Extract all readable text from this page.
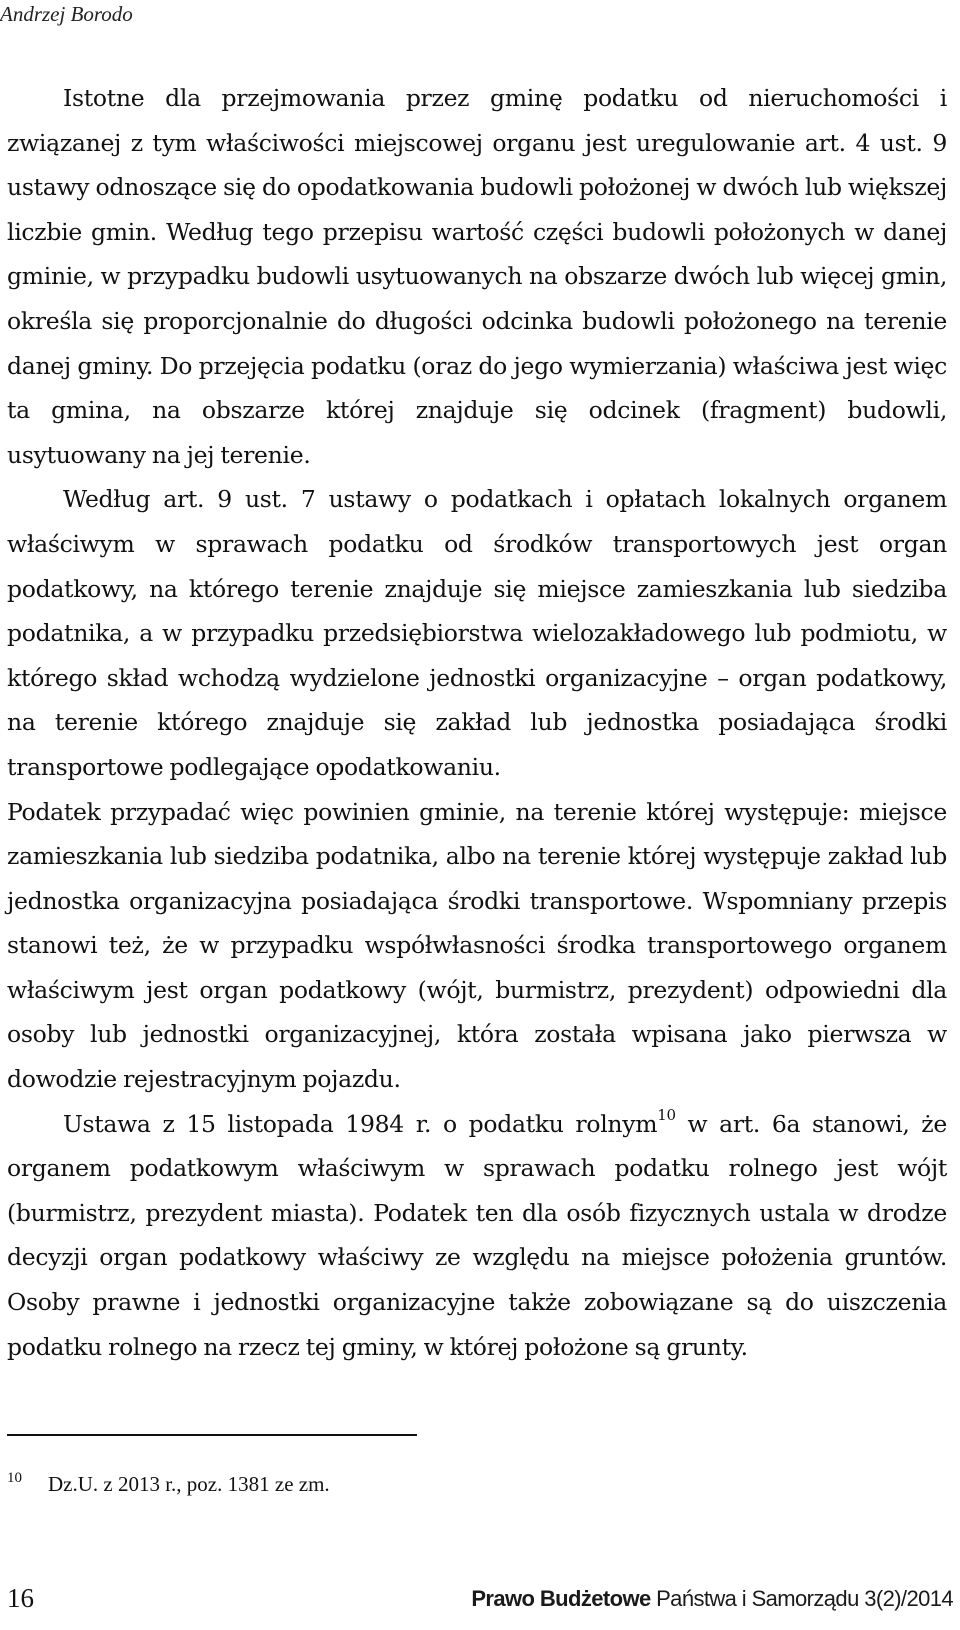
Andrzej Borodo

Istotne dla przejmowania przez gminę podatku od nieruchomości i związanej z tym właściwości miejscowej organu jest uregulowanie art. 4 ust. 9 ustawy odnoszące się do opodatkowania budowli położonej w dwóch lub większej liczbie gmin. Według tego przepisu wartość części budowli położonych w danej gminie, w przypadku budowli usytuowanych na obszarze dwóch lub więcej gmin, określa się proporcjonalnie do długości odcinka budowli położonego na terenie danej gminy. Do przejęcia podatku (oraz do jego wymierzania) właściwa jest więc ta gmina, na obszarze której znajduje się odcinek (fragment) budowli, usytuowany na jej terenie.

Według art. 9 ust. 7 ustawy o podatkach i opłatach lokalnych organem właściwym w sprawach podatku od środków transportowych jest organ podatkowy, na którego terenie znajduje się miejsce zamieszkania lub siedziba podatnika, a w przypadku przedsiębiorstwa wielozakładowego lub podmiotu, w którego skład wchodzą wydzielone jednostki organizacyjne – organ podatkowy, na terenie którego znajduje się zakład lub jednostka posiadająca środki transportowe podlegające opodatkowaniu.

Podatek przypadać więc powinien gminie, na terenie której występuje: miejsce zamieszkania lub siedziba podatnika, albo na terenie której występuje zakład lub jednostka organizacyjna posiadająca środki transportowe. Wspomniany przepis stanowi też, że w przypadku współwłasności środka transportowego organem właściwym jest organ podatkowy (wójt, burmistrz, prezydent) odpowiedni dla osoby lub jednostki organizacyjnej, która została wpisana jako pierwsza w dowodzie rejestracyjnym pojazdu.

Ustawa z 15 listopada 1984 r. o podatku rolnym$^{10}$ w art. 6a stanowi, że organem podatkowym właściwym w sprawach podatku rolnego jest wójt (burmistrz, prezydent miasta). Podatek ten dla osób fizycznych ustala w drodze decyzji organ podatkowy właściwy ze względu na miejsce położenia gruntów. Osoby prawne i jednostki organizacyjne także zobowiązane są do uiszczenia podatku rolnego na rzecz tej gminy, w której położone są grunty.

$^{10}$ Dz.U. z 2013 r., poz. 1381 ze zm.
16	Prawo Budżetowe Państwa i Samorządu 3(2)/2014
